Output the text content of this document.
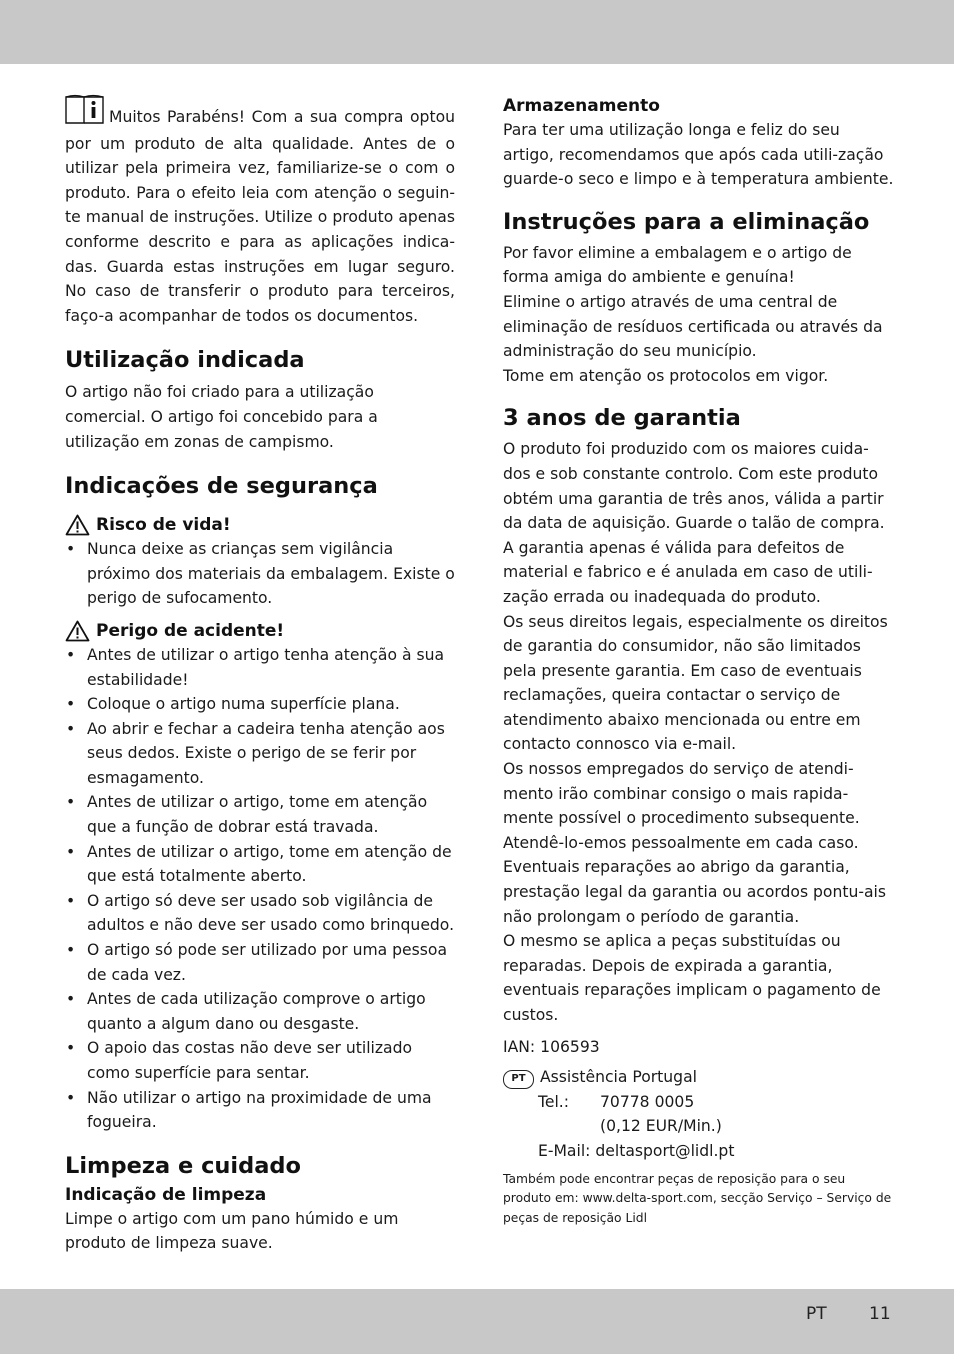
Muitos Parabéns! Com a sua compra optou por um produto de alta qualidade. Antes de o utilizar pela primeira vez, familiarize-se o com o produto. Para o efeito leia com atenção o seguin-te manual de instruções. Utilize o produto apenas conforme descrito e para as aplicações indica-das. Guarda estas instruções em lugar seguro. No caso de transferir o produto para terceiros, faço-a acompanhar de todos os documentos.

Utilização indicada

O artigo não foi criado para a utilização comercial. O artigo foi concebido para a utilização em zonas de campismo.

Indicações de segurança
Risco de vida!
• Nunca deixe as crianças sem vigilância próximo dos materiais da embalagem. Existe o perigo de sufocamento.
Perigo de acidente!
• Antes de utilizar o artigo tenha atenção à sua estabilidade!
• Coloque o artigo numa superfície plana.
• Ao abrir e fechar a cadeira tenha atenção aos seus dedos. Existe o perigo de se ferir por esmagamento.
• Antes de utilizar o artigo, tome em atenção que a função de dobrar está travada.
• Antes de utilizar o artigo, tome em atenção de que está totalmente aberto.
• O artigo só deve ser usado sob vigilância de adultos e não deve ser usado como brinquedo.
• O artigo só pode ser utilizado por uma pessoa de cada vez.
• Antes de cada utilização comprove o artigo quanto a algum dano ou desgaste.
• O apoio das costas não deve ser utilizado como superfície para sentar.
• Não utilizar o artigo na proximidade de uma fogueira.
Limpeza e cuidado
Indicação de limpeza

Limpe o artigo com um pano húmido e um produto de limpeza suave.

Armazenamento

Para ter uma utilização longa e feliz do seu artigo, recomendamos que após cada utili-zação guarde-o seco e limpo e à temperatura ambiente.

Instruções para a eliminação

Por favor elimine a embalagem e o artigo de forma amiga do ambiente e genuína!

Elimine o artigo através de uma central de eliminação de resíduos certificada ou através da administração do seu município.

Tome em atenção os protocolos em vigor.

3 anos de garantia

O produto foi produzido com os maiores cuida-dos e sob constante controlo. Com este produto obtém uma garantia de três anos, válida a partir da data de aquisição. Guarde o talão de compra.

A garantia apenas é válida para defeitos de material e fabrico e é anulada em caso de utili-zação errada ou inadequada do produto.

Os seus direitos legais, especialmente os direitos de garantia do consumidor, não são limitados pela presente garantia. Em caso de eventuais reclamações, queira contactar o serviço de atendimento abaixo mencionada ou entre em contacto connosco via e-mail.

Os nossos empregados do serviço de atendi-mento irão combinar consigo o mais rapida-mente possível o procedimento subsequente. Atendê-lo-emos pessoalmente em cada caso.

Eventuais reparações ao abrigo da garantia, prestação legal da garantia ou acordos pontu-ais não prolongam o período de garantia.

O mesmo se aplica a peças substituídas ou reparadas. Depois de expirada a garantia, eventuais reparações implicam o pagamento de custos.

IAN: 106593

PT Assistência Portugal
Tel.:	70778 0005
(0,12 EUR/Min.)
E-Mail: deltasport@lidl.pt

Também pode encontrar peças de reposição para o seu produto em: www.delta-sport.com, secção Serviço – Serviço de peças de reposição Lidl

PT 11
